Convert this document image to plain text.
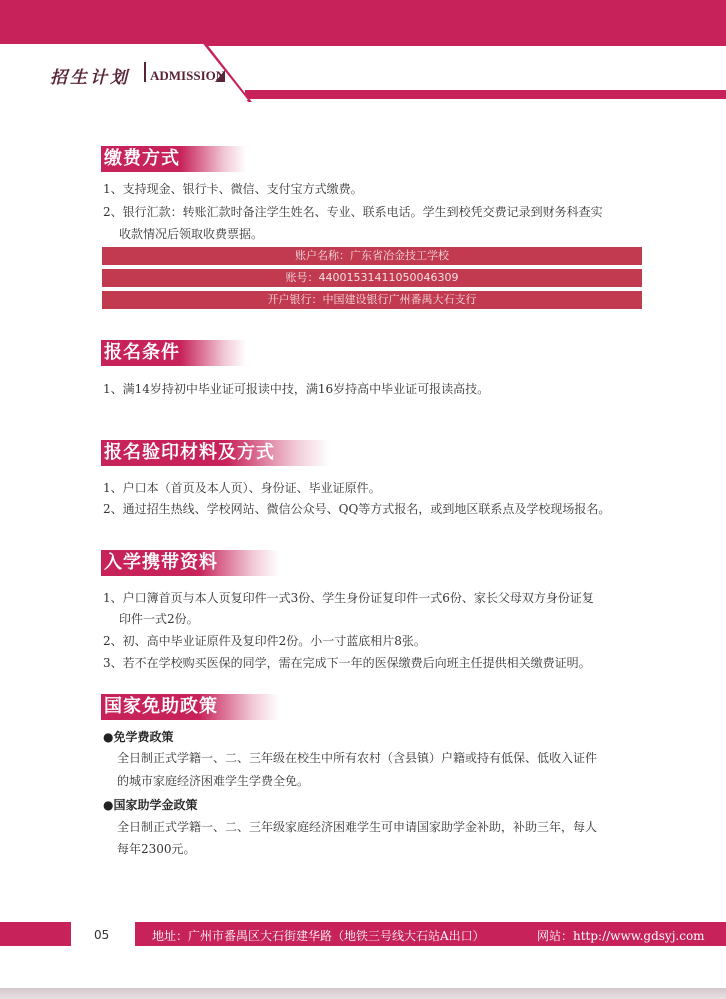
招生计划 ADMISSION
缴费方式
1、支持现金、银行卡、微信、支付宝方式缴费。
2、银行汇款：转账汇款时备注学生姓名、专业、联系电话。学生到校凭交费记录到财务科查实
收款情况后领取收费票据。
账户名称：广东省冶金技工学校
账号：44001531411050046309
开户银行：中国建设银行广州番禺大石支行
报名条件
1、满14岁持初中毕业证可报读中技，满16岁持高中毕业证可报读高技。
报名验印材料及方式
1、户口本（首页及本人页）、身份证、毕业证原件。
2、通过招生热线、学校网站、微信公众号、QQ等方式报名，或到地区联系点及学校现场报名。
入学携带资料
1、户口簿首页与本人页复印件一式3份、学生身份证复印件一式6份、家长父母双方身份证复
印件一式2份。
2、初、高中毕业证原件及复印件2份。小一寸蓝底相片8张。
3、若不在学校购买医保的同学，需在完成下一年的医保缴费后向班主任提供相关缴费证明。
国家免助政策
●免学费政策
全日制正式学籍一、二、三年级在校生中所有农村（含县镇）户籍或持有低保、低收入证件
的城市家庭经济困难学生学费全免。
●国家助学金政策
全日制正式学籍一、二、三年级家庭经济困难学生可申请国家助学金补助，补助三年，每人
每年2300元。
05	地址：广州市番禺区大石街建华路（地铁三号线大石站A出口）	网站：http://www.gdsyj.com
